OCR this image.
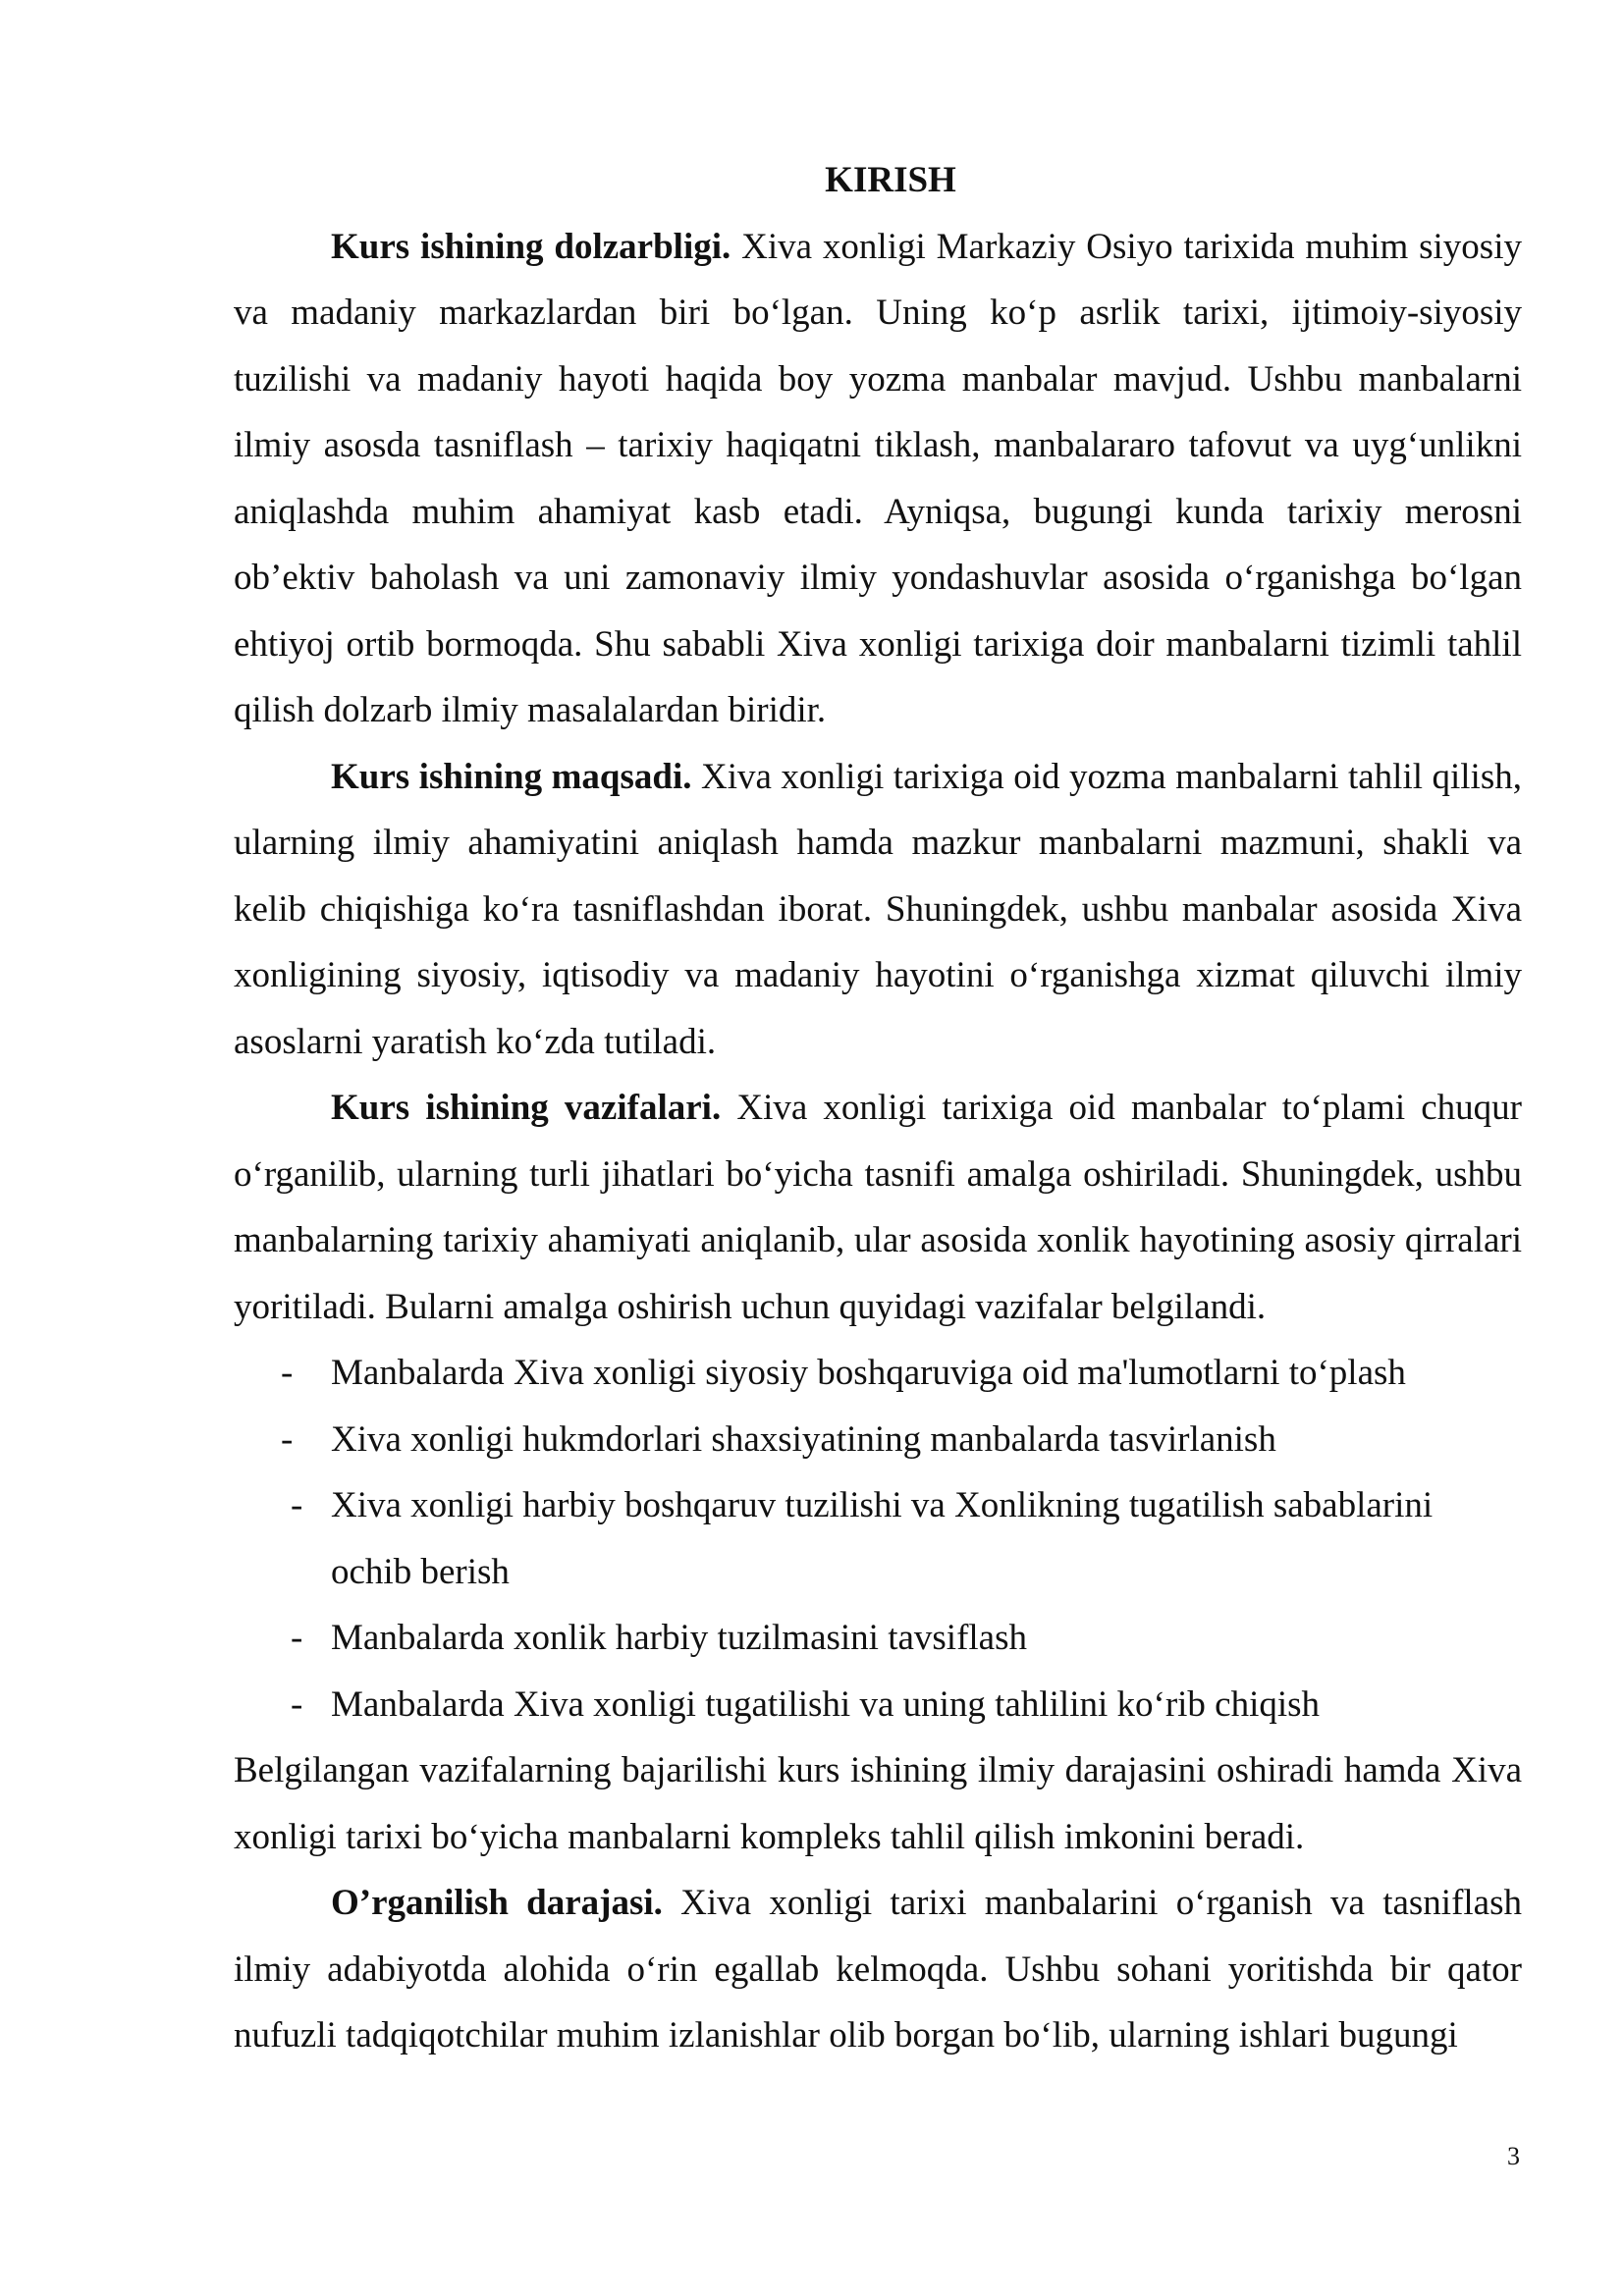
KIRISH

Kurs ishining dolzarbligi. Xiva xonligi Markaziy Osiyo tarixida muhim siyosiy va madaniy markazlardan biri bo‘lgan. Uning ko‘p asrlik tarixi, ijtimoiy-siyosiy tuzilishi va madaniy hayoti haqida boy yozma manbalar mavjud. Ushbu manbalarni ilmiy asosda tasniflash – tarixiy haqiqatni tiklash, manbalararo tafovut va uyg‘unlikni aniqlashda muhim ahamiyat kasb etadi. Ayniqsa, bugungi kunda tarixiy merosni ob’ektiv baholash va uni zamonaviy ilmiy yondashuvlar asosida o‘rganishga bo‘lgan ehtiyoj ortib bormoqda. Shu sababli Xiva xonligi tarixiga doir manbalarni tizimli tahlil qilish dolzarb ilmiy masalalardan biridir.

Kurs ishining maqsadi. Xiva xonligi tarixiga oid yozma manbalarni tahlil qilish, ularning ilmiy ahamiyatini aniqlash hamda mazkur manbalarni mazmuni, shakli va kelib chiqishiga ko‘ra tasniflashdan iborat. Shuningdek, ushbu manbalar asosida Xiva xonligining siyosiy, iqtisodiy va madaniy hayotini o‘rganishga xizmat qiluvchi ilmiy asoslarni yaratish ko‘zda tutiladi.

Kurs ishining vazifalari. Xiva xonligi tarixiga oid manbalar to‘plami chuqur o‘rganilib, ularning turli jihatlari bo‘yicha tasnifi amalga oshiriladi. Shuningdek, ushbu manbalarning tarixiy ahamiyati aniqlanib, ular asosida xonlik hayotining asosiy qirralari yoritiladi. Bularni amalga oshirish uchun quyidagi vazifalar belgilandi.

- Manbalarda Xiva xonligi siyosiy boshqaruviga oid ma'lumotlarni to‘plash
- Xiva xonligi hukmdorlari shaxsiyatining manbalarda tasvirlanish
- Xiva xonligi harbiy boshqaruv tuzilishi va Xonlikning tugatilish sabablarini ochib berish
- Manbalarda xonlik harbiy tuzilmasini tavsiflash
- Manbalarda Xiva xonligi tugatilishi va uning tahlilini ko‘rib chiqish

Belgilangan vazifalarning bajarilishi kurs ishining ilmiy darajasini oshiradi hamda Xiva xonligi tarixi bo‘yicha manbalarni kompleks tahlil qilish imkonini beradi.

O’rganilish darajasi. Xiva xonligi tarixi manbalarini o‘rganish va tasniflash ilmiy adabiyotda alohida o‘rin egallab kelmoqda. Ushbu sohani yoritishda bir qator nufuzli tadqiqotchilar muhim izlanishlar olib borgan bo‘lib, ularning ishlari bugungi

3
